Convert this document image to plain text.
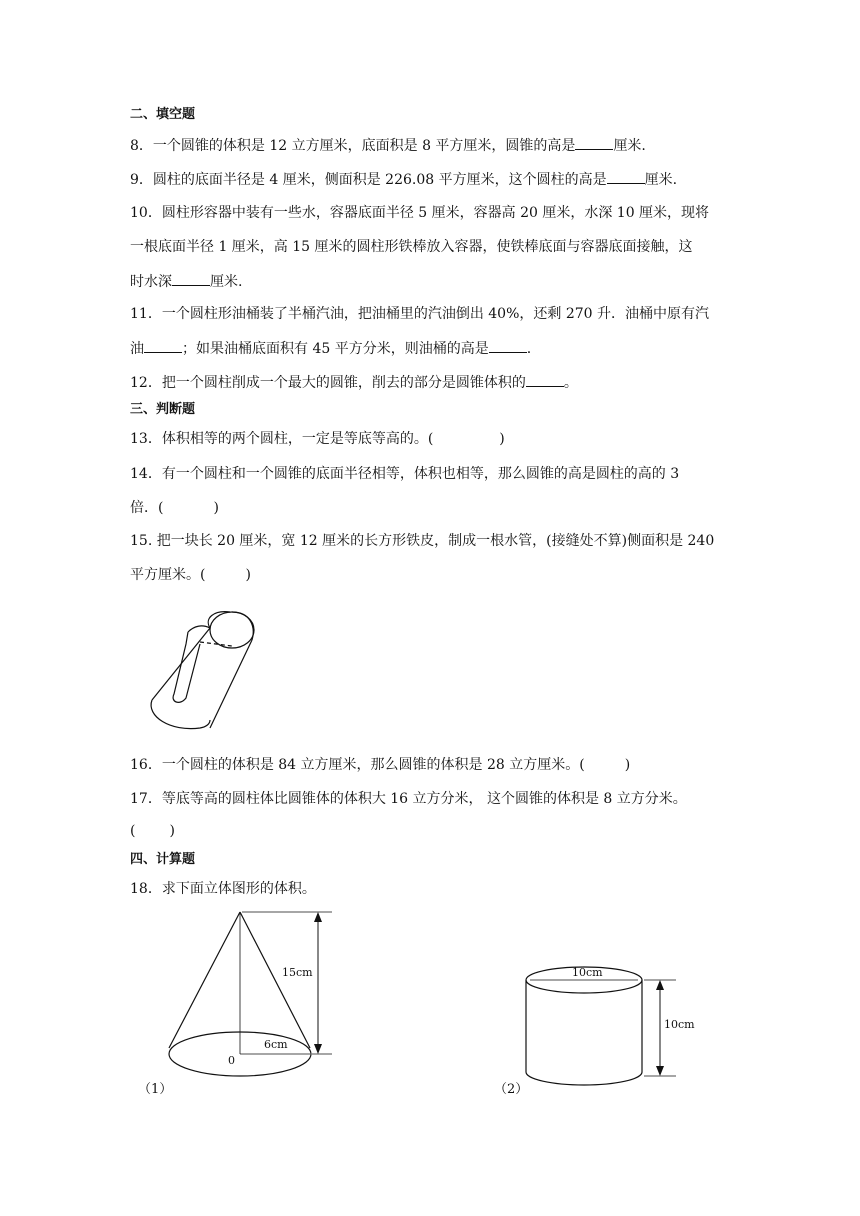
二、填空题
8．一个圆锥的体积是 12 立方厘米，底面积是 8 平方厘米，圆锥的高是	厘米.
9．圆柱的底面半径是 4 厘米，侧面积是 226.08 平方厘米，这个圆柱的高是	厘米.
10．圆柱形容器中装有一些水，容器底面半径 5 厘米，容器高 20 厘米，水深 10 厘米，现将
一根底面半径 1 厘米，高 15 厘米的圆柱形铁棒放入容器，使铁棒底面与容器底面接触，这
时水深	厘米.
11．一个圆柱形油桶装了半桶汽油，把油桶里的汽油倒出 40%，还剩 270 升．油桶中原有汽
油	；如果油桶底面积有 45 平方分米，则油桶的高是	.
12．把一个圆柱削成一个最大的圆锥，削去的部分是圆锥体积的	。
三、判断题
13．体积相等的两个圆柱，一定是等底等高的。(	)
14．有一个圆柱和一个圆锥的底面半径相等，体积也相等，那么圆锥的高是圆柱的高的 3
倍．(	)
15. 把一块长 20 厘米，宽 12 厘米的长方形铁皮，制成一根水管，(接缝处不算)侧面积是 240
平方厘米。(	)
16．一个圆柱的体积是 84 立方厘米，那么圆锥的体积是 28 立方厘米。(	)
17．等底等高的圆柱体比圆锥体的体积大 16 立方分米， 这个圆锥的体积是 8 立方分米。
( )
四、计算题
18．求下面立体图形的体积。
15cm
6cm
0
（1）
10cm
10cm
（2）
